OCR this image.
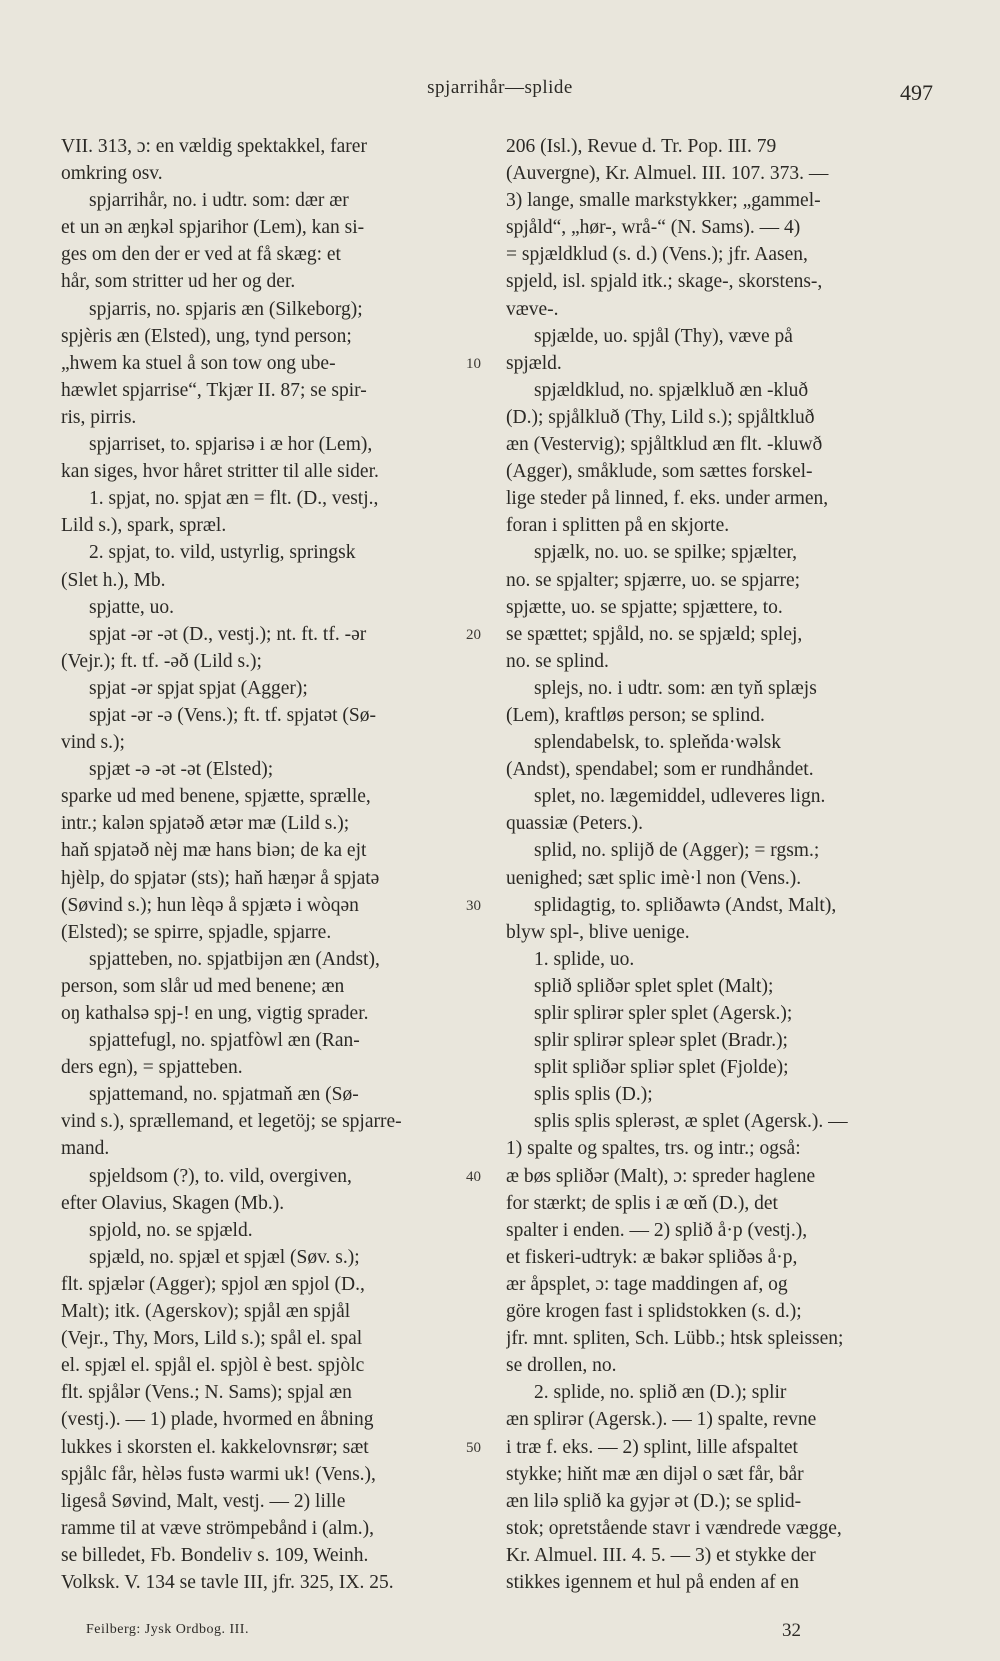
spjarrihår—splide	497
VII. 313, ɔ: en vældig spektakkel, farer
omkring osv.
spjarrihår, no. i udtr. som: dær ær
et un ən æŋkəl spjarihor (Lem), kan si-
ges om den der er ved at få skæg: et
hår, som stritter ud her og der.
spjarris, no. spjaris æn (Silkeborg);
spjèris æn (Elsted), ung, tynd person;
„hwem ka stuel å son tow ong ube-
hæwlet spjarrise“, Tkjær II. 87; se spir-
ris, pirris.
spjarriset, to. spjarisə i æ hor (Lem),
kan siges, hvor håret stritter til alle sider.
1. spjat, no. spjat æn = flt. (D., vestj.,
Lild s.), spark, spræl.
2. spjat, to. vild, ustyrlig, springsk
(Slet h.), Mb.
spjatte, uo.
spjat -ər -ət (D., vestj.); nt. ft. tf. -ər
(Vejr.); ft. tf. -əð (Lild s.);
spjat -ər spjat spjat (Agger);
spjat -ər -ə (Vens.); ft. tf. spjatət (Sø-
vind s.);
spjæt -ə -ət -ət (Elsted);
sparke ud med benene, spjætte, sprælle,
intr.; kalən spjatəð ætər mæ (Lild s.);
haň spjatəð nèj mæ hans biən; de ka ejt
hjèlp, do spjatər (sts); haň hæŋər å spjatə
(Søvind s.); hun lèqə å spjætə i wòqən
(Elsted); se spirre, spjadle, spjarre.
spjatteben, no. spjatbijən æn (Andst),
person, som slår ud med benene; æn
oŋ kathalsə spj-! en ung, vigtig sprader.
spjattefugl, no. spjatfòwl æn (Ran-
ders egn), = spjatteben.
spjattemand, no. spjatmaň æn (Sø-
vind s.), sprællemand, et legetöj; se spjarre-
mand.
spjeldsom (?), to. vild, overgiven,
efter Olavius, Skagen (Mb.).
spjold, no. se spjæld.
spjæld, no. spjæl et spjæl (Søv. s.);
flt. spjælər (Agger); spjol æn spjol (D.,
Malt); itk. (Agerskov); spjål æn spjål
(Vejr., Thy, Mors, Lild s.); spål el. spal
el. spjæl el. spjål el. spjòl è best. spjòlc
flt. spjålər (Vens.; N. Sams); spjal æn
(vestj.). — 1) plade, hvormed en åbning
lukkes i skorsten el. kakkelovnsrør; sæt
spjålc får, hèləs fustə warmi uk! (Vens.),
ligeså Søvind, Malt, vestj. — 2) lille
ramme til at væve strömpebånd i (alm.),
se billedet, Fb. Bondeliv s. 109, Weinh.
Volksk. V. 134 se tavle III, jfr. 325, IX. 25.
206 (Isl.), Revue d. Tr. Pop. III. 79
(Auvergne), Kr. Almuel. III. 107. 373. —
3) lange, smalle markstykker; „gammel-
spjåld“, „hør-, wrå-“ (N. Sams). — 4)
= spjældklud (s. d.) (Vens.); jfr. Aasen,
spjeld, isl. spjald itk.; skage-, skorstens-,
væve-.
spjælde, uo. spjål (Thy), væve på
spjæld.
spjældklud, no. spjælkluð æn -kluð
(D.); spjålkluð (Thy, Lild s.); spjåltkluð
æn (Vestervig); spjåltklud æn flt. -kluwð
(Agger), småklude, som sættes forskel-
lige steder på linned, f. eks. under armen,
foran i splitten på en skjorte.
spjælk, no. uo. se spilke; spjælter,
no. se spjalter; spjærre, uo. se spjarre;
spjætte, uo. se spjatte; spjættere, to.
se spættet; spjåld, no. se spjæld; splej,
no. se splind.
splejs, no. i udtr. som: æn tyň splæjs
(Lem), kraftløs person; se splind.
splendabelsk, to. spleňda·wəlsk
(Andst), spendabel; som er rundhåndet.
splet, no. lægemiddel, udleveres lign.
quassiæ (Peters.).
splid, no. splijð de (Agger); = rgsm.;
uenighed; sæt splic imè·l non (Vens.).
splidagtig, to. spliðawtə (Andst, Malt),
blyw spl-, blive uenige.
1. splide, uo.
splið spliðər splet splet (Malt);
splir splirər spler splet (Agersk.);
splir splirər splеər splet (Bradr.);
split spliðər spliər splet (Fjolde);
splis splis (D.);
splis splis splerəst, æ splet (Agersk.). —
1) spalte og spaltes, trs. og intr.; også:
æ bøs spliðər (Malt), ɔ: spreder haglene
for stærkt; de splis i æ œň (D.), det
spalter i enden. — 2) splið å·p (vestj.),
et fiskeri-udtryk: æ bakər spliðəs å·p,
ær åpsplet, ɔ: tage maddingen af, og
göre krogen fast i splidstokken (s. d.);
jfr. mnt. spliten, Sch. Lübb.; htsk spleissen;
se drollen, no.
2. splide, no. splið æn (D.); splir
æn splirər (Agersk.). — 1) spalte, revne
i træ f. eks. — 2) splint, lille afspaltet
stykke; hiňt mæ æn dijəl o sæt får, bår
æn lilə splið ka gyjər ət (D.); se splid-
stok; opretstående stavr i vændrede vægge,
Kr. Almuel. III. 4. 5. — 3) et stykke der
stikkes igennem et hul på enden af en
10
20
30
40
50
Feilberg: Jysk Ordbog. III.	32
